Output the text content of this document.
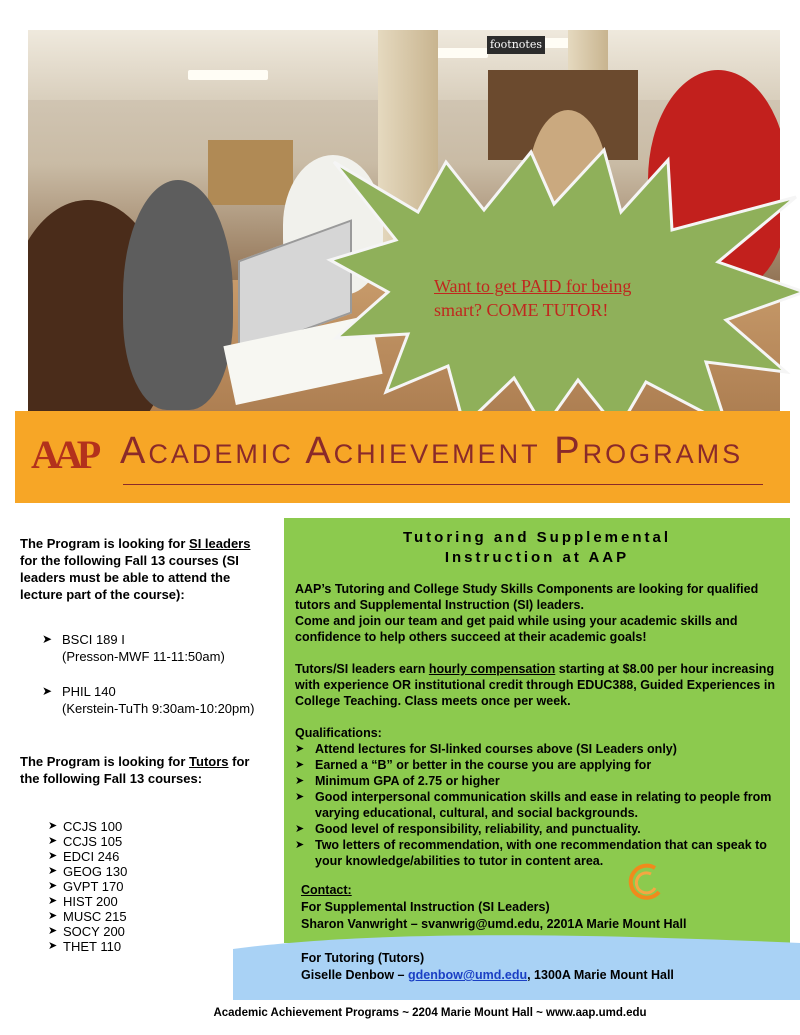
footnotes
Want to get PAID for being
smart? COME TUTOR!
AAP Academic Achievement Programs

The Program is looking for SI leaders for the following Fall 13 courses (SI leaders must be able to attend the lecture part of the course):

➤ BSCI 189 I
(Presson-MWF 11-11:50am)
➤ PHIL 140
(Kerstein-TuTh 9:30am-10:20pm)

The Program is looking for Tutors for the following Fall 13 courses:

➤ CCJS 100
➤ CCJS 105
➤ EDCI 246
➤ GEOG 130
➤ GVPT 170
➤ HIST 200
➤ MUSC 215
➤ SOCY 200
➤ THET 110
Tutoring and Supplemental
Instruction at AAP

AAP’s Tutoring and College Study Skills Components are looking for qualified tutors and Supplemental Instruction (SI) leaders.

Come and join our team and get paid while using your academic skills and confidence to help others succeed at their academic goals!

Tutors/SI leaders earn hourly compensation starting at $8.00 per hour increasing with experience OR institutional credit through EDUC388, Guided Experiences in College Teaching. Class meets once per week.

Qualifications:

➤ Attend lectures for SI-linked courses above (SI Leaders only)
➤ Earned a “B” or better in the course you are applying for
➤ Minimum GPA of 2.75 or higher
➤ Good interpersonal communication skills and ease in relating to people from varying educational, cultural, and social backgrounds.
➤ Good level of responsibility, reliability, and punctuality.
➤ Two letters of recommendation, with one recommendation that can speak to your knowledge/abilities to tutor in content area.
Contact:
For Supplemental Instruction (SI Leaders)
Sharon Vanwright – svanwrig@umd.edu, 2201A Marie Mount Hall
For Tutoring (Tutors)
Giselle Denbow – gdenbow@umd.edu, 1300A Marie Mount Hall
Academic Achievement Programs ~ 2204 Marie Mount Hall ~ www.aap.umd.edu
